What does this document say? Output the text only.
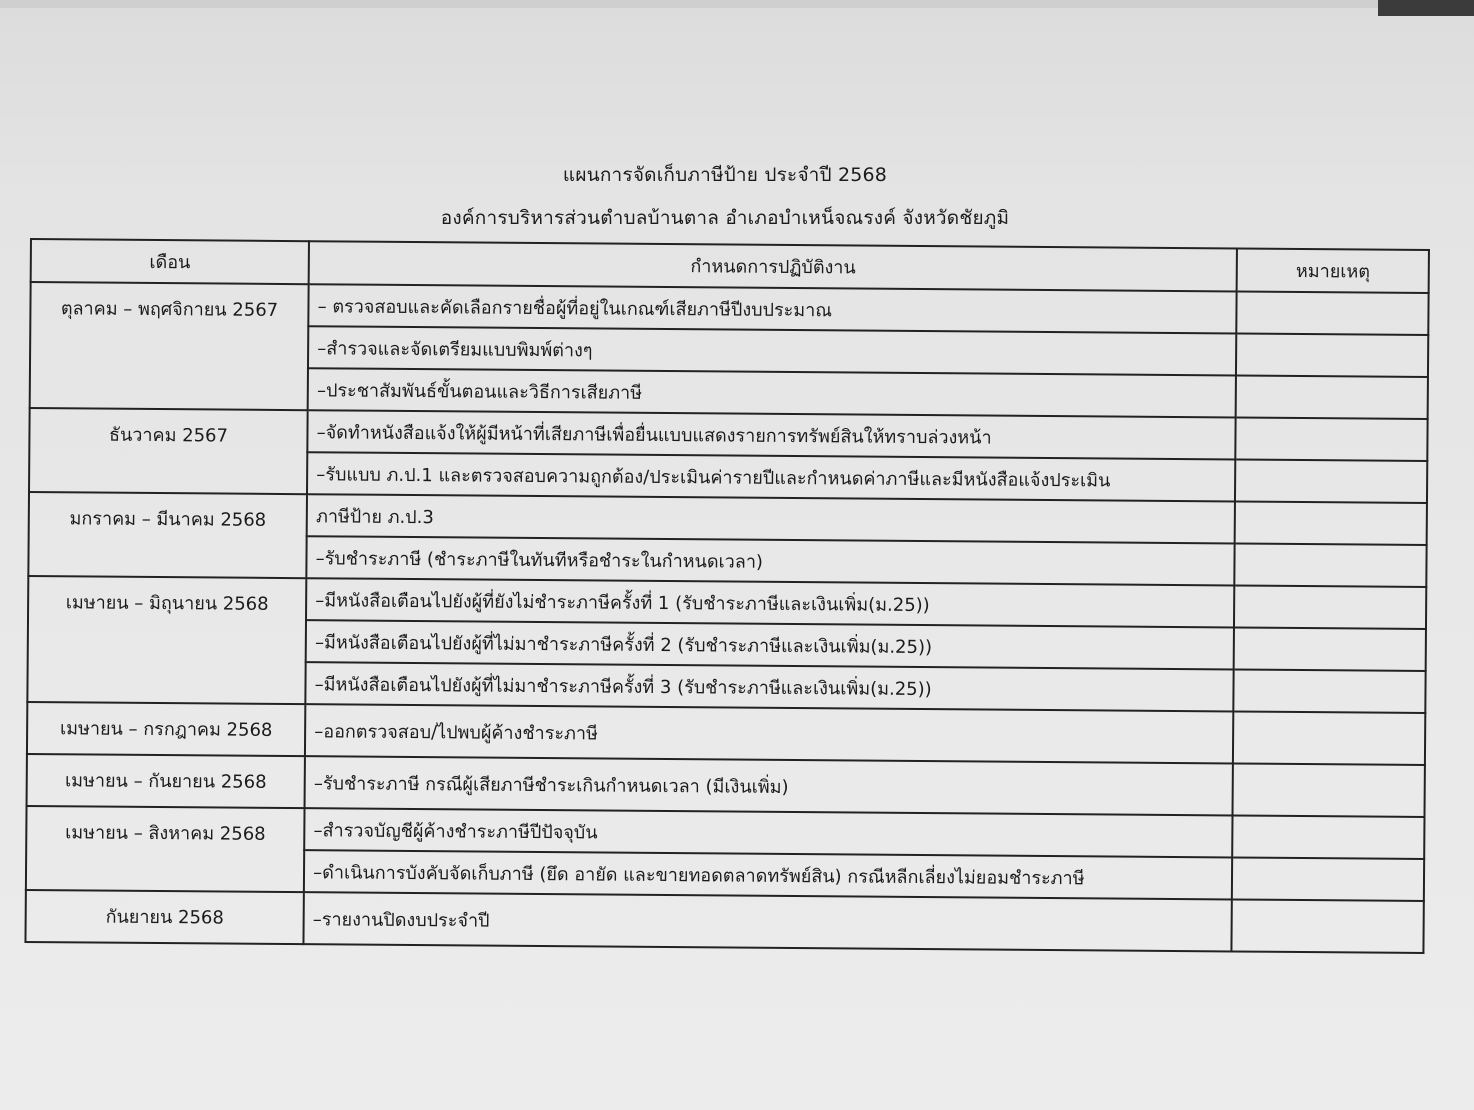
แผนการจัดเก็บภาษีป้าย ประจำปี 2568
องค์การบริหารส่วนตำบลบ้านตาล อำเภอบำเหน็จณรงค์ จังหวัดชัยภูมิ
เดือน	กำหนดการปฏิบัติงาน	หมายเหตุ
ตุลาคม – พฤศจิกายน 2567	– ตรวจสอบและคัดเลือกรายชื่อผู้ที่อยู่ในเกณฑ์เสียภาษีปีงบประมาณ	
	–สำรวจและจัดเตรียมแบบพิมพ์ต่างๆ	
	–ประชาสัมพันธ์ขั้นตอนและวิธีการเสียภาษี	
ธันวาคม 2567	–จัดทำหนังสือแจ้งให้ผู้มีหน้าที่เสียภาษีเพื่อยื่นแบบแสดงรายการทรัพย์สินให้ทราบล่วงหน้า	
	–รับแบบ ภ.ป.1 และตรวจสอบความถูกต้อง/ประเมินค่ารายปีและกำหนดค่าภาษีและมีหนังสือแจ้งประเมิน	
มกราคม – มีนาคม 2568	ภาษีป้าย ภ.ป.3	
	–รับชำระภาษี (ชำระภาษีในทันทีหรือชำระในกำหนดเวลา)	
เมษายน – มิถุนายน 2568	–มีหนังสือเตือนไปยังผู้ที่ยังไม่ชำระภาษีครั้งที่ 1 (รับชำระภาษีและเงินเพิ่ม(ม.25))	
	–มีหนังสือเตือนไปยังผู้ที่ไม่มาชำระภาษีครั้งที่ 2 (รับชำระภาษีและเงินเพิ่ม(ม.25))	
	–มีหนังสือเตือนไปยังผู้ที่ไม่มาชำระภาษีครั้งที่ 3 (รับชำระภาษีและเงินเพิ่ม(ม.25))	
เมษายน – กรกฎาคม 2568	–ออกตรวจสอบ/ไปพบผู้ค้างชำระภาษี	
เมษายน – กันยายน 2568	–รับชำระภาษี กรณีผู้เสียภาษีชำระเกินกำหนดเวลา (มีเงินเพิ่ม)	
เมษายน – สิงหาคม 2568	–สำรวจบัญชีผู้ค้างชำระภาษีปีปัจจุบัน	
	–ดำเนินการบังคับจัดเก็บภาษี (ยึด อายัด และขายทอดตลาดทรัพย์สิน) กรณีหลีกเลี่ยงไม่ยอมชำระภาษี	
กันยายน 2568	–รายงานปิดงบประจำปี	
